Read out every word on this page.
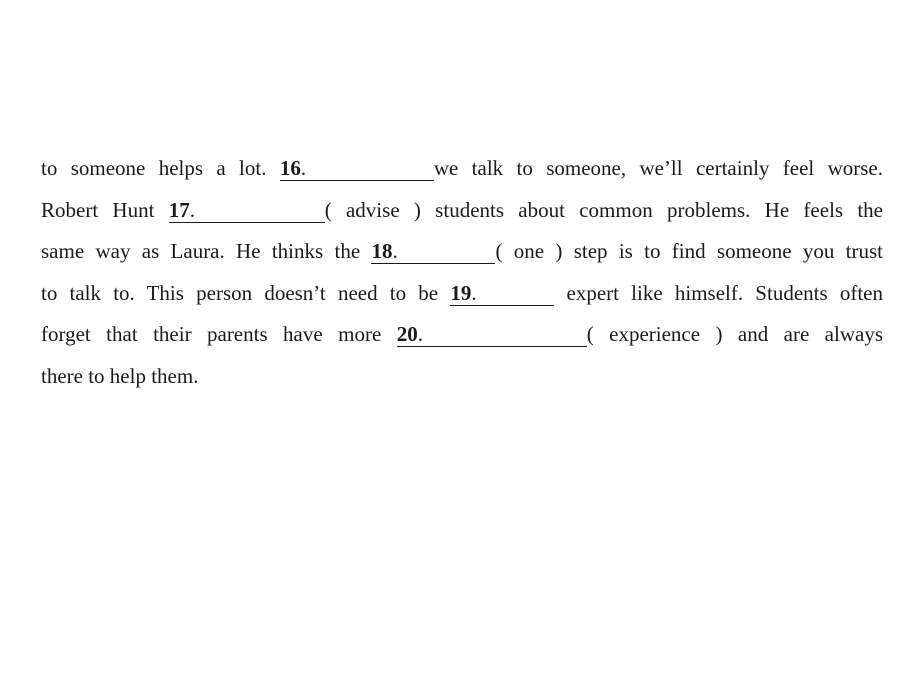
to someone helps a lot. 16.	we talk to someone, we’ll certainly feel worse.
Robert Hunt 17.	( advise ) students about common problems. He feels the
same way as Laura. He thinks the 18.	( one ) step is to find someone you trust
to talk to. This person doesn’t need to be 19.	expert like himself. Students often
forget that their parents have more 20.	( experience ) and are always
there to help them.
